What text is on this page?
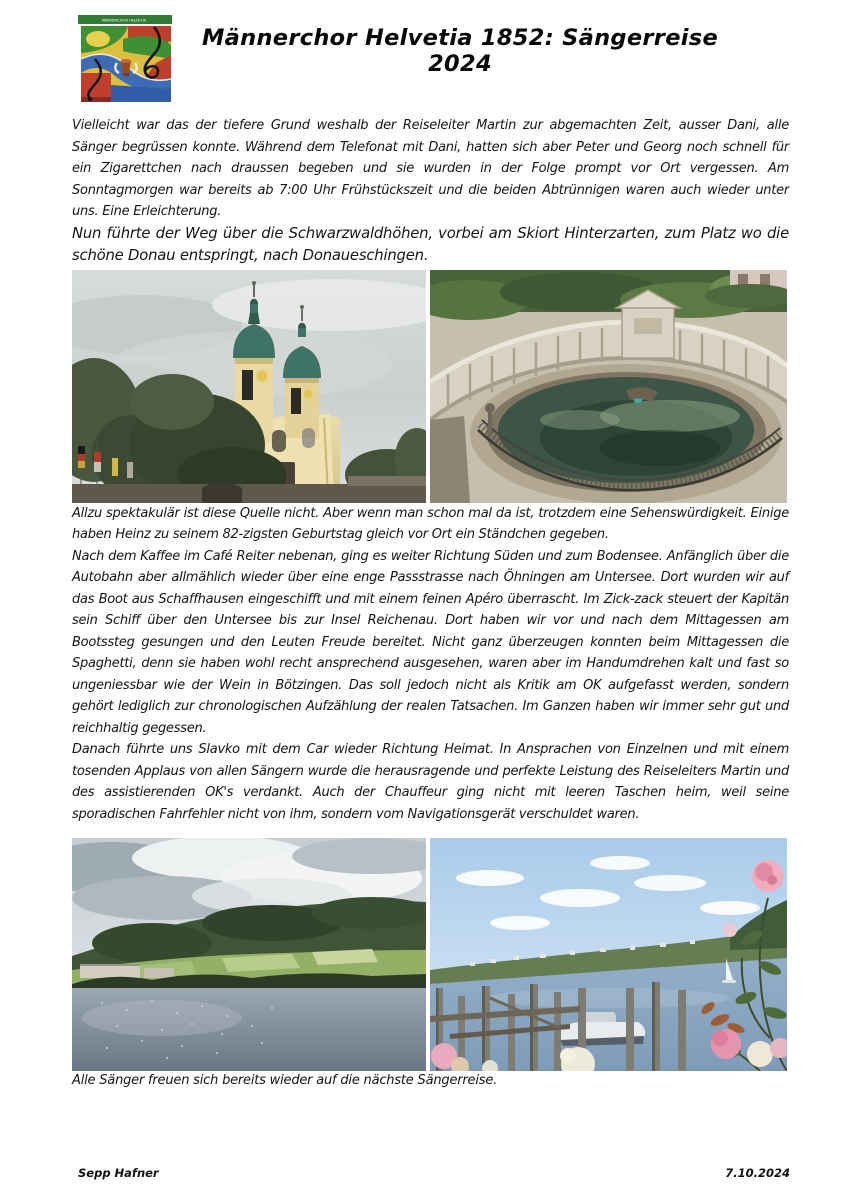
MÄNNERCHOR HELVETIA
Männerchor Helvetia 1852: Sängerreise 2024

Vielleicht war das der tiefere Grund weshalb der Reiseleiter Martin zur abgemachten Zeit, ausser Dani, alle Sänger begrüssen konnte. Während dem Telefonat mit Dani, hatten sich aber Peter und Georg noch schnell für ein Zigarettchen nach draussen begeben und sie wurden in der Folge prompt vor Ort vergessen. Am Sonntagmorgen war bereits ab 7:00 Uhr Frühstückszeit und die beiden Abtrünnigen waren auch wieder unter uns. Eine Erleichterung.

Nun führte der Weg über die Schwarzwaldhöhen, vorbei am Skiort Hinterzarten, zum Platz wo die schöne Donau entspringt, nach Donaueschingen.

Allzu spektakulär ist diese Quelle nicht. Aber wenn man schon mal da ist, trotzdem eine Sehenswürdigkeit. Einige haben Heinz zu seinem 82-zigsten Geburtstag gleich vor Ort ein Ständchen gegeben.

Nach dem Kaffee im Café Reiter nebenan, ging es weiter Richtung Süden und zum Bodensee. Anfänglich über die Autobahn aber allmählich wieder über eine enge Passstrasse nach Öhningen am Untersee. Dort wurden wir auf das Boot aus Schaffhausen eingeschifft und mit einem feinen Apéro überrascht. Im Zick-zack steuert der Kapitän sein Schiff über den Untersee bis zur Insel Reichenau. Dort haben wir vor und nach dem Mittagessen am Bootssteg gesungen und den Leuten Freude bereitet. Nicht ganz überzeugen konnten beim Mittagessen die Spaghetti, denn sie haben wohl recht ansprechend ausgesehen, waren aber im Handumdrehen kalt und fast so ungeniessbar wie der Wein in Bötzingen. Das soll jedoch nicht als Kritik am OK aufgefasst werden, sondern gehört lediglich zur chronologischen Aufzählung der realen Tatsachen. Im Ganzen haben wir immer sehr gut und reichhaltig gegessen.

Danach führte uns Slavko mit dem Car wieder Richtung Heimat. In Ansprachen von Einzelnen und mit einem tosenden Applaus von allen Sängern wurde die herausragende und perfekte Leistung des Reiseleiters Martin und des assistierenden OK's verdankt. Auch der Chauffeur ging nicht mit leeren Taschen heim, weil seine sporadischen Fahrfehler nicht von ihm, sondern vom Navigationsgerät verschuldet waren.

Alle Sänger freuen sich bereits wieder auf die nächste Sängerreise.

Sepp Hafner	7.10.2024
